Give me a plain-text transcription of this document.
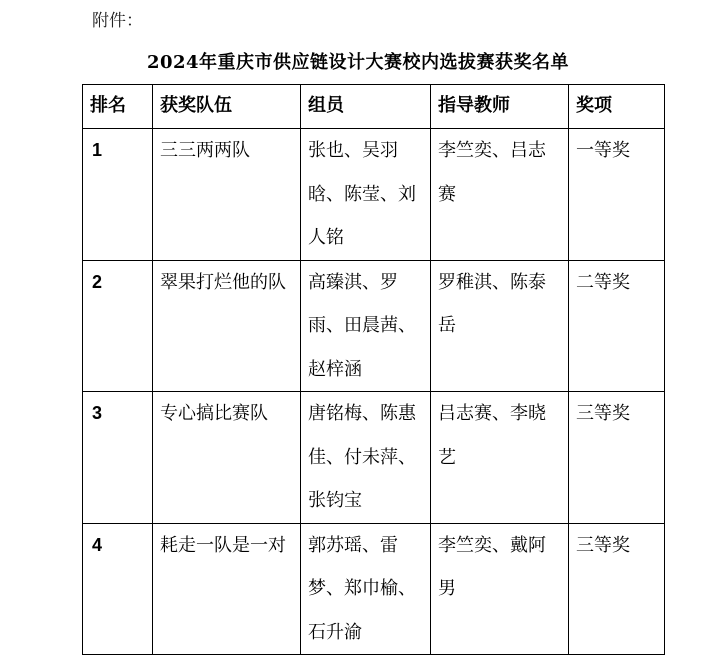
附件：
2024年重庆市供应链设计大赛校内选拔赛获奖名单
排名	获奖队伍	组员	指导教师	奖项
1	三三两两队	张也、吴羽晗、陈莹、刘人铭	李竺奕、吕志赛	一等奖
2	翠果打烂他的队	高臻淇、罗雨、田晨茜、赵梓涵	罗稚淇、陈泰岳	二等奖
3	专心搞比赛队	唐铭梅、陈惠佳、付未萍、张钧宝	吕志赛、李晓艺	三等奖
4	耗走一队是一对	郭苏瑶、雷梦、郑巾榆、石升渝	李竺奕、戴阿男	三等奖
